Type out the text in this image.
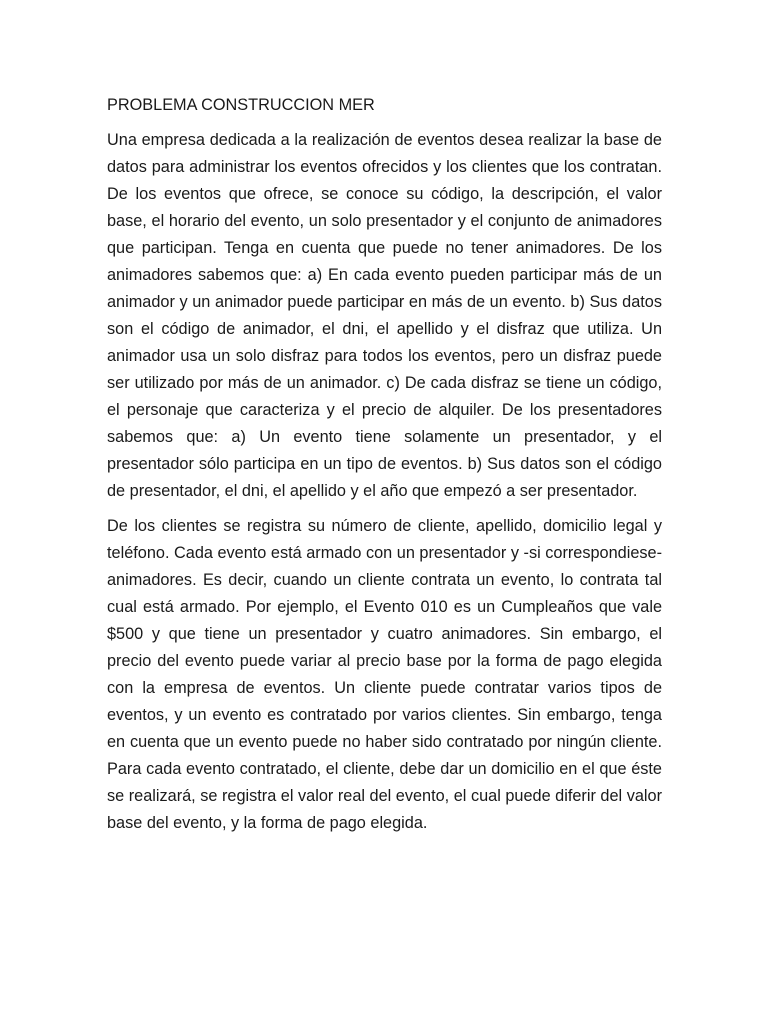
PROBLEMA CONSTRUCCION MER

Una empresa dedicada a la realización de eventos desea realizar la base de datos para administrar los eventos ofrecidos y los clientes que los contratan. De los eventos que ofrece, se conoce su código, la descripción, el valor base, el horario del evento, un solo presentador y el conjunto de animadores que participan. Tenga en cuenta que puede no tener animadores. De los animadores sabemos que: a) En cada evento pueden participar más de un animador y un animador puede participar en más de un evento. b) Sus datos son el código de animador, el dni, el apellido y el disfraz que utiliza. Un animador usa un solo disfraz para todos los eventos, pero un disfraz puede ser utilizado por más de un animador. c) De cada disfraz se tiene un código, el personaje que caracteriza y el precio de alquiler. De los presentadores sabemos que: a) Un evento tiene solamente un presentador, y el presentador sólo participa en un tipo de eventos. b) Sus datos son el código de presentador, el dni, el apellido y el año que empezó a ser presentador.

De los clientes se registra su número de cliente, apellido, domicilio legal y teléfono. Cada evento está armado con un presentador y -si correspondiese- animadores. Es decir, cuando un cliente contrata un evento, lo contrata tal cual está armado. Por ejemplo, el Evento 010 es un Cumpleaños que vale $500 y que tiene un presentador y cuatro animadores. Sin embargo, el precio del evento puede variar al precio base por la forma de pago elegida con la empresa de eventos. Un cliente puede contratar varios tipos de eventos, y un evento es contratado por varios clientes. Sin embargo, tenga en cuenta que un evento puede no haber sido contratado por ningún cliente. Para cada evento contratado, el cliente, debe dar un domicilio en el que éste se realizará, se registra el valor real del evento, el cual puede diferir del valor base del evento, y la forma de pago elegida.
